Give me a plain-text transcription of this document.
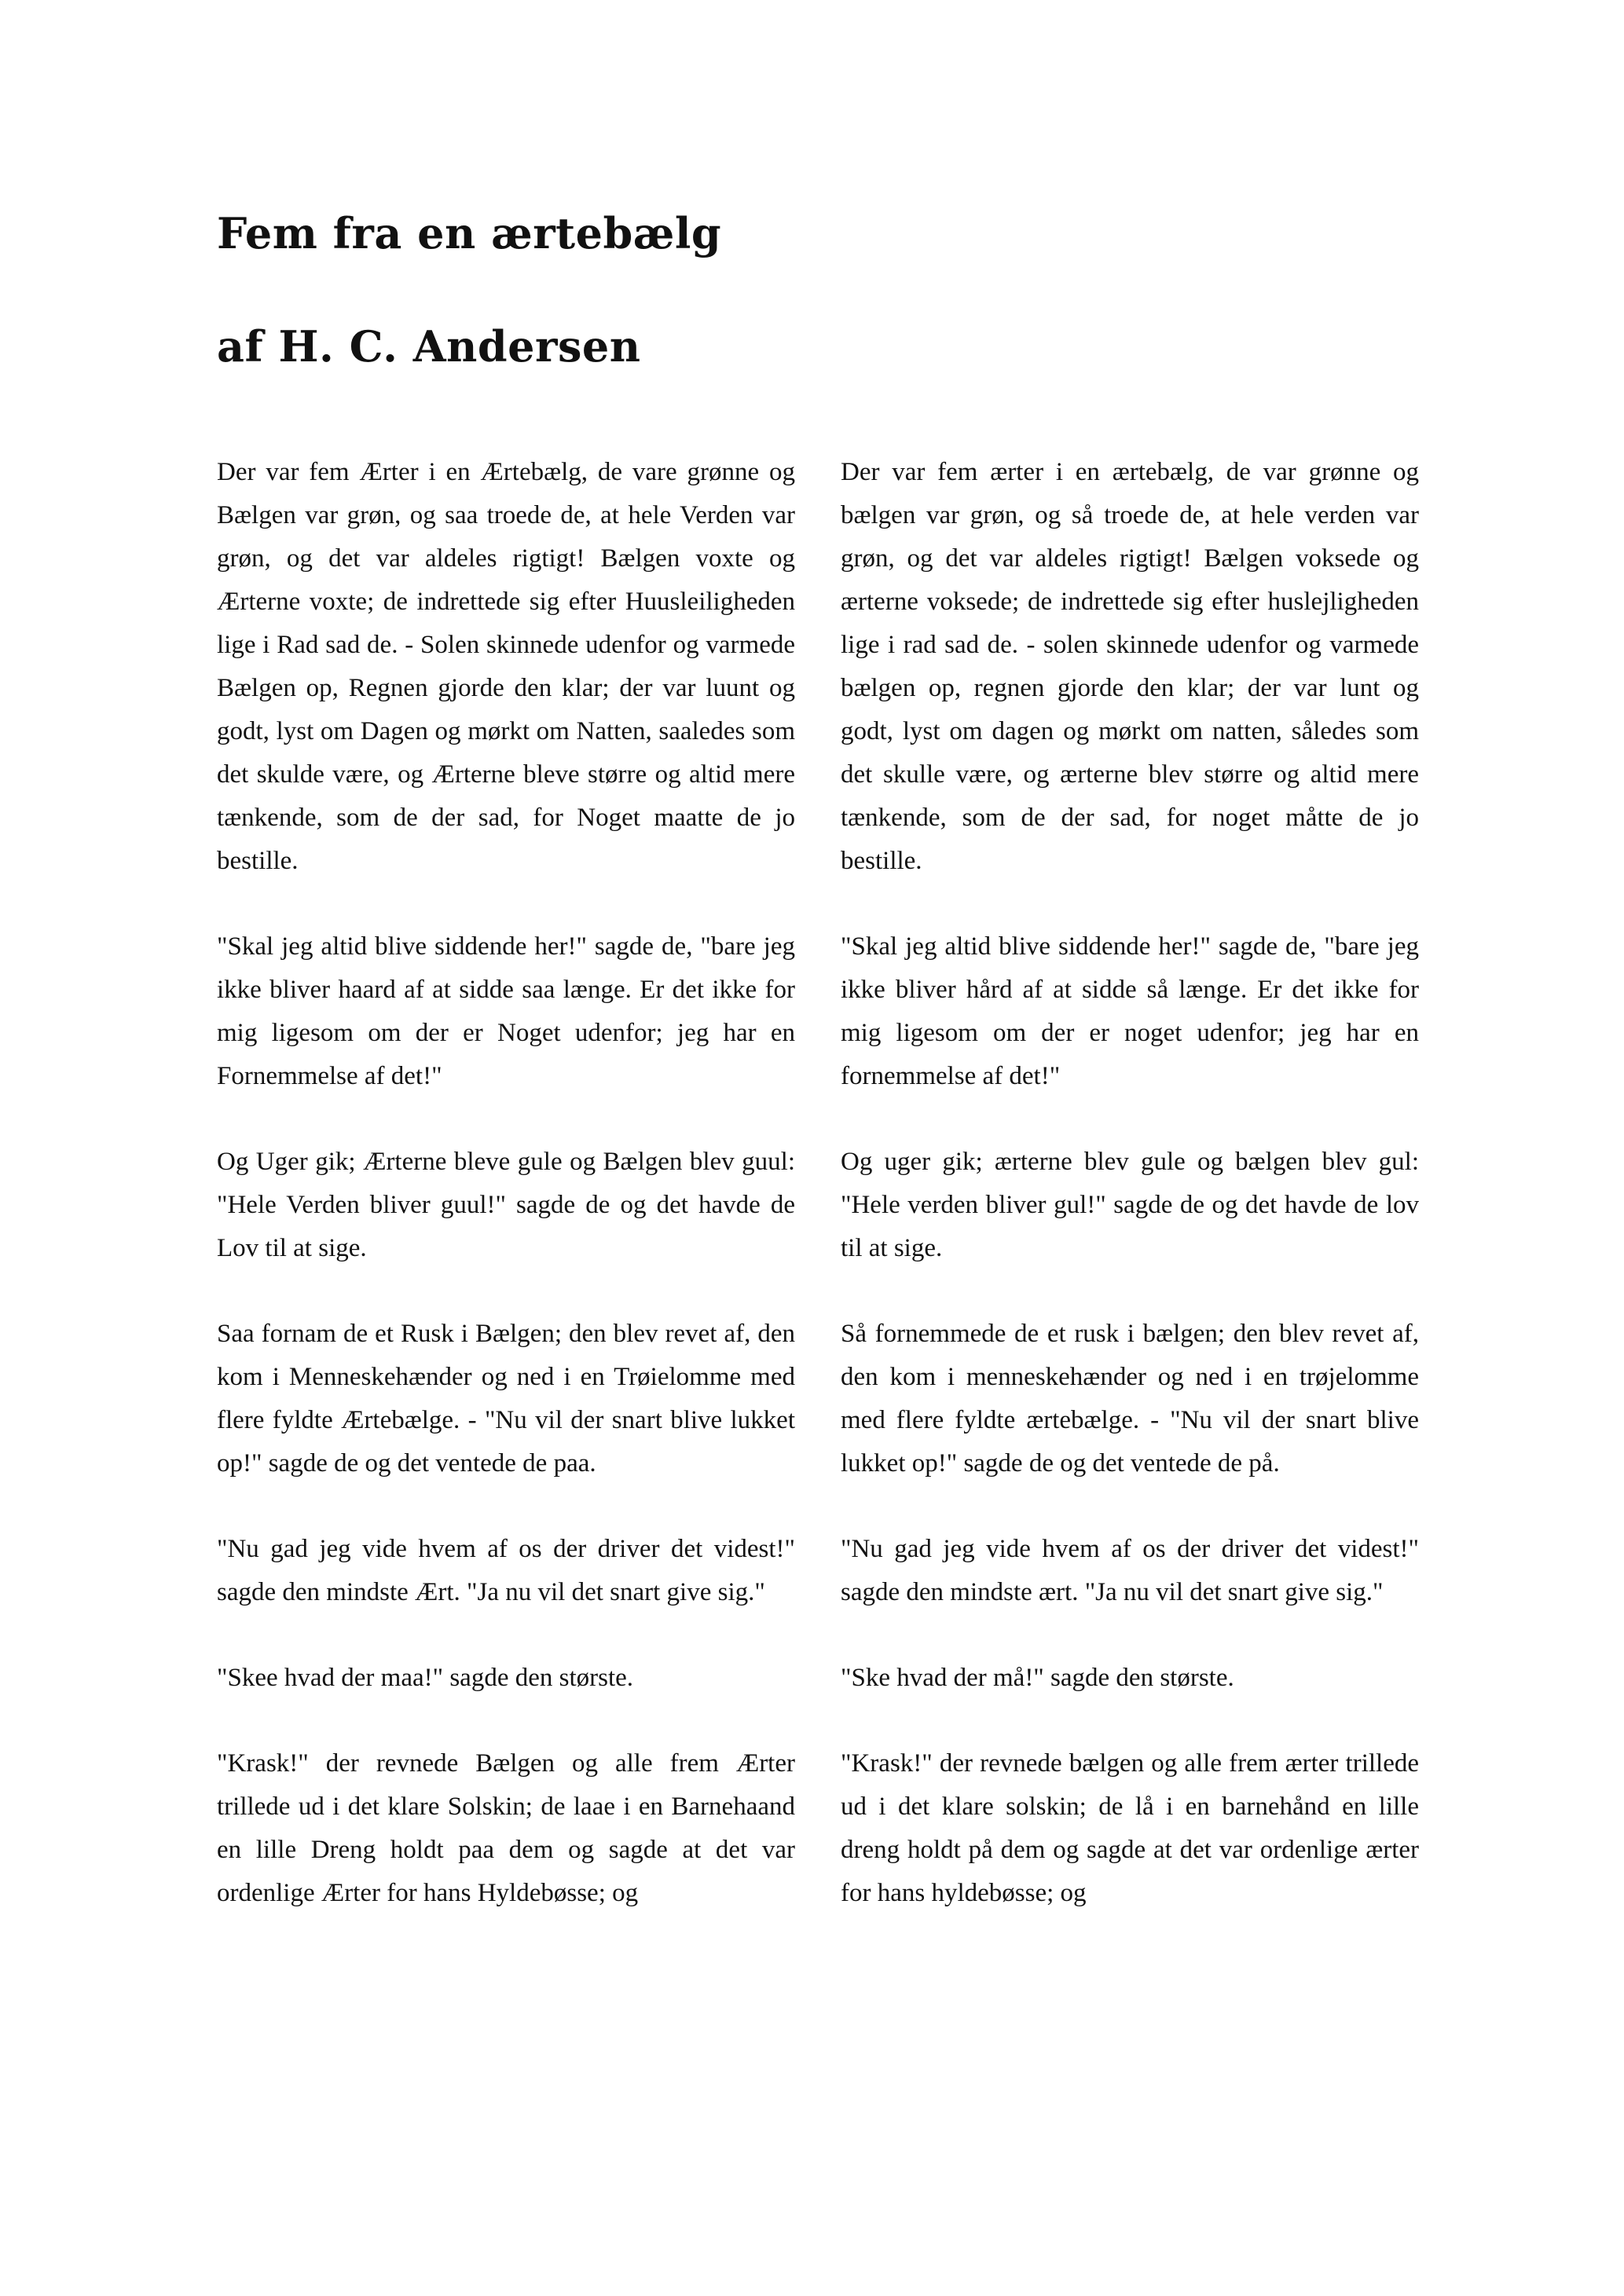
Fem fra en ærtebælg
af H. C. Andersen

Der var fem Ærter i en Ærtebælg, de vare grønne og Bælgen var grøn, og saa troede de, at hele Verden var grøn, og det var aldeles rigtigt! Bælgen voxte og Ærterne voxte; de indrettede sig efter Huusleiligheden lige i Rad sad de. - Solen skinnede udenfor og varmede Bælgen op, Regnen gjorde den klar; der var luunt og godt, lyst om Dagen og mørkt om Natten, saaledes som det skulde være, og Ærterne bleve større og altid mere tænkende, som de der sad, for Noget maatte de jo bestille.

"Skal jeg altid blive siddende her!" sagde de, "bare jeg ikke bliver haard af at sidde saa længe. Er det ikke for mig ligesom om der er Noget udenfor; jeg har en Fornemmelse af det!"

Og Uger gik; Ærterne bleve gule og Bælgen blev guul: "Hele Verden bliver guul!" sagde de og det havde de Lov til at sige.

Saa fornam de et Rusk i Bælgen; den blev revet af, den kom i Menneskehænder og ned i en Trøielomme med flere fyldte Ærtebælge. - "Nu vil der snart blive lukket op!" sagde de og det ventede de paa.

"Nu gad jeg vide hvem af os der driver det videst!" sagde den mindste Ært. "Ja nu vil det snart give sig."

"Skee hvad der maa!" sagde den største.

"Krask!" der revnede Bælgen og alle frem Ærter trillede ud i det klare Solskin; de laae i en Barnehaand en lille Dreng holdt paa dem og sagde at det var ordenlige Ærter for hans Hyldebøsse; og

Der var fem ærter i en ærtebælg, de var grønne og bælgen var grøn, og så troede de, at hele verden var grøn, og det var aldeles rigtigt! Bælgen voksede og ærterne voksede; de indrettede sig efter huslejligheden lige i rad sad de. - solen skinnede udenfor og varmede bælgen op, regnen gjorde den klar; der var lunt og godt, lyst om dagen og mørkt om natten, således som det skulle være, og ærterne blev større og altid mere tænkende, som de der sad, for noget måtte de jo bestille.

"Skal jeg altid blive siddende her!" sagde de, "bare jeg ikke bliver hård af at sidde så længe. Er det ikke for mig ligesom om der er noget udenfor; jeg har en fornemmelse af det!"

Og uger gik; ærterne blev gule og bælgen blev gul: "Hele verden bliver gul!" sagde de og det havde de lov til at sige.

Så fornemmede de et rusk i bælgen; den blev revet af, den kom i menneskehænder og ned i en trøjelomme med flere fyldte ærtebælge. - "Nu vil der snart blive lukket op!" sagde de og det ventede de på.

"Nu gad jeg vide hvem af os der driver det videst!" sagde den mindste ært. "Ja nu vil det snart give sig."

"Ske hvad der må!" sagde den største.

"Krask!" der revnede bælgen og alle frem ærter trillede ud i det klare solskin; de lå i en barnehånd en lille dreng holdt på dem og sagde at det var ordenlige ærter for hans hyldebøsse; og
